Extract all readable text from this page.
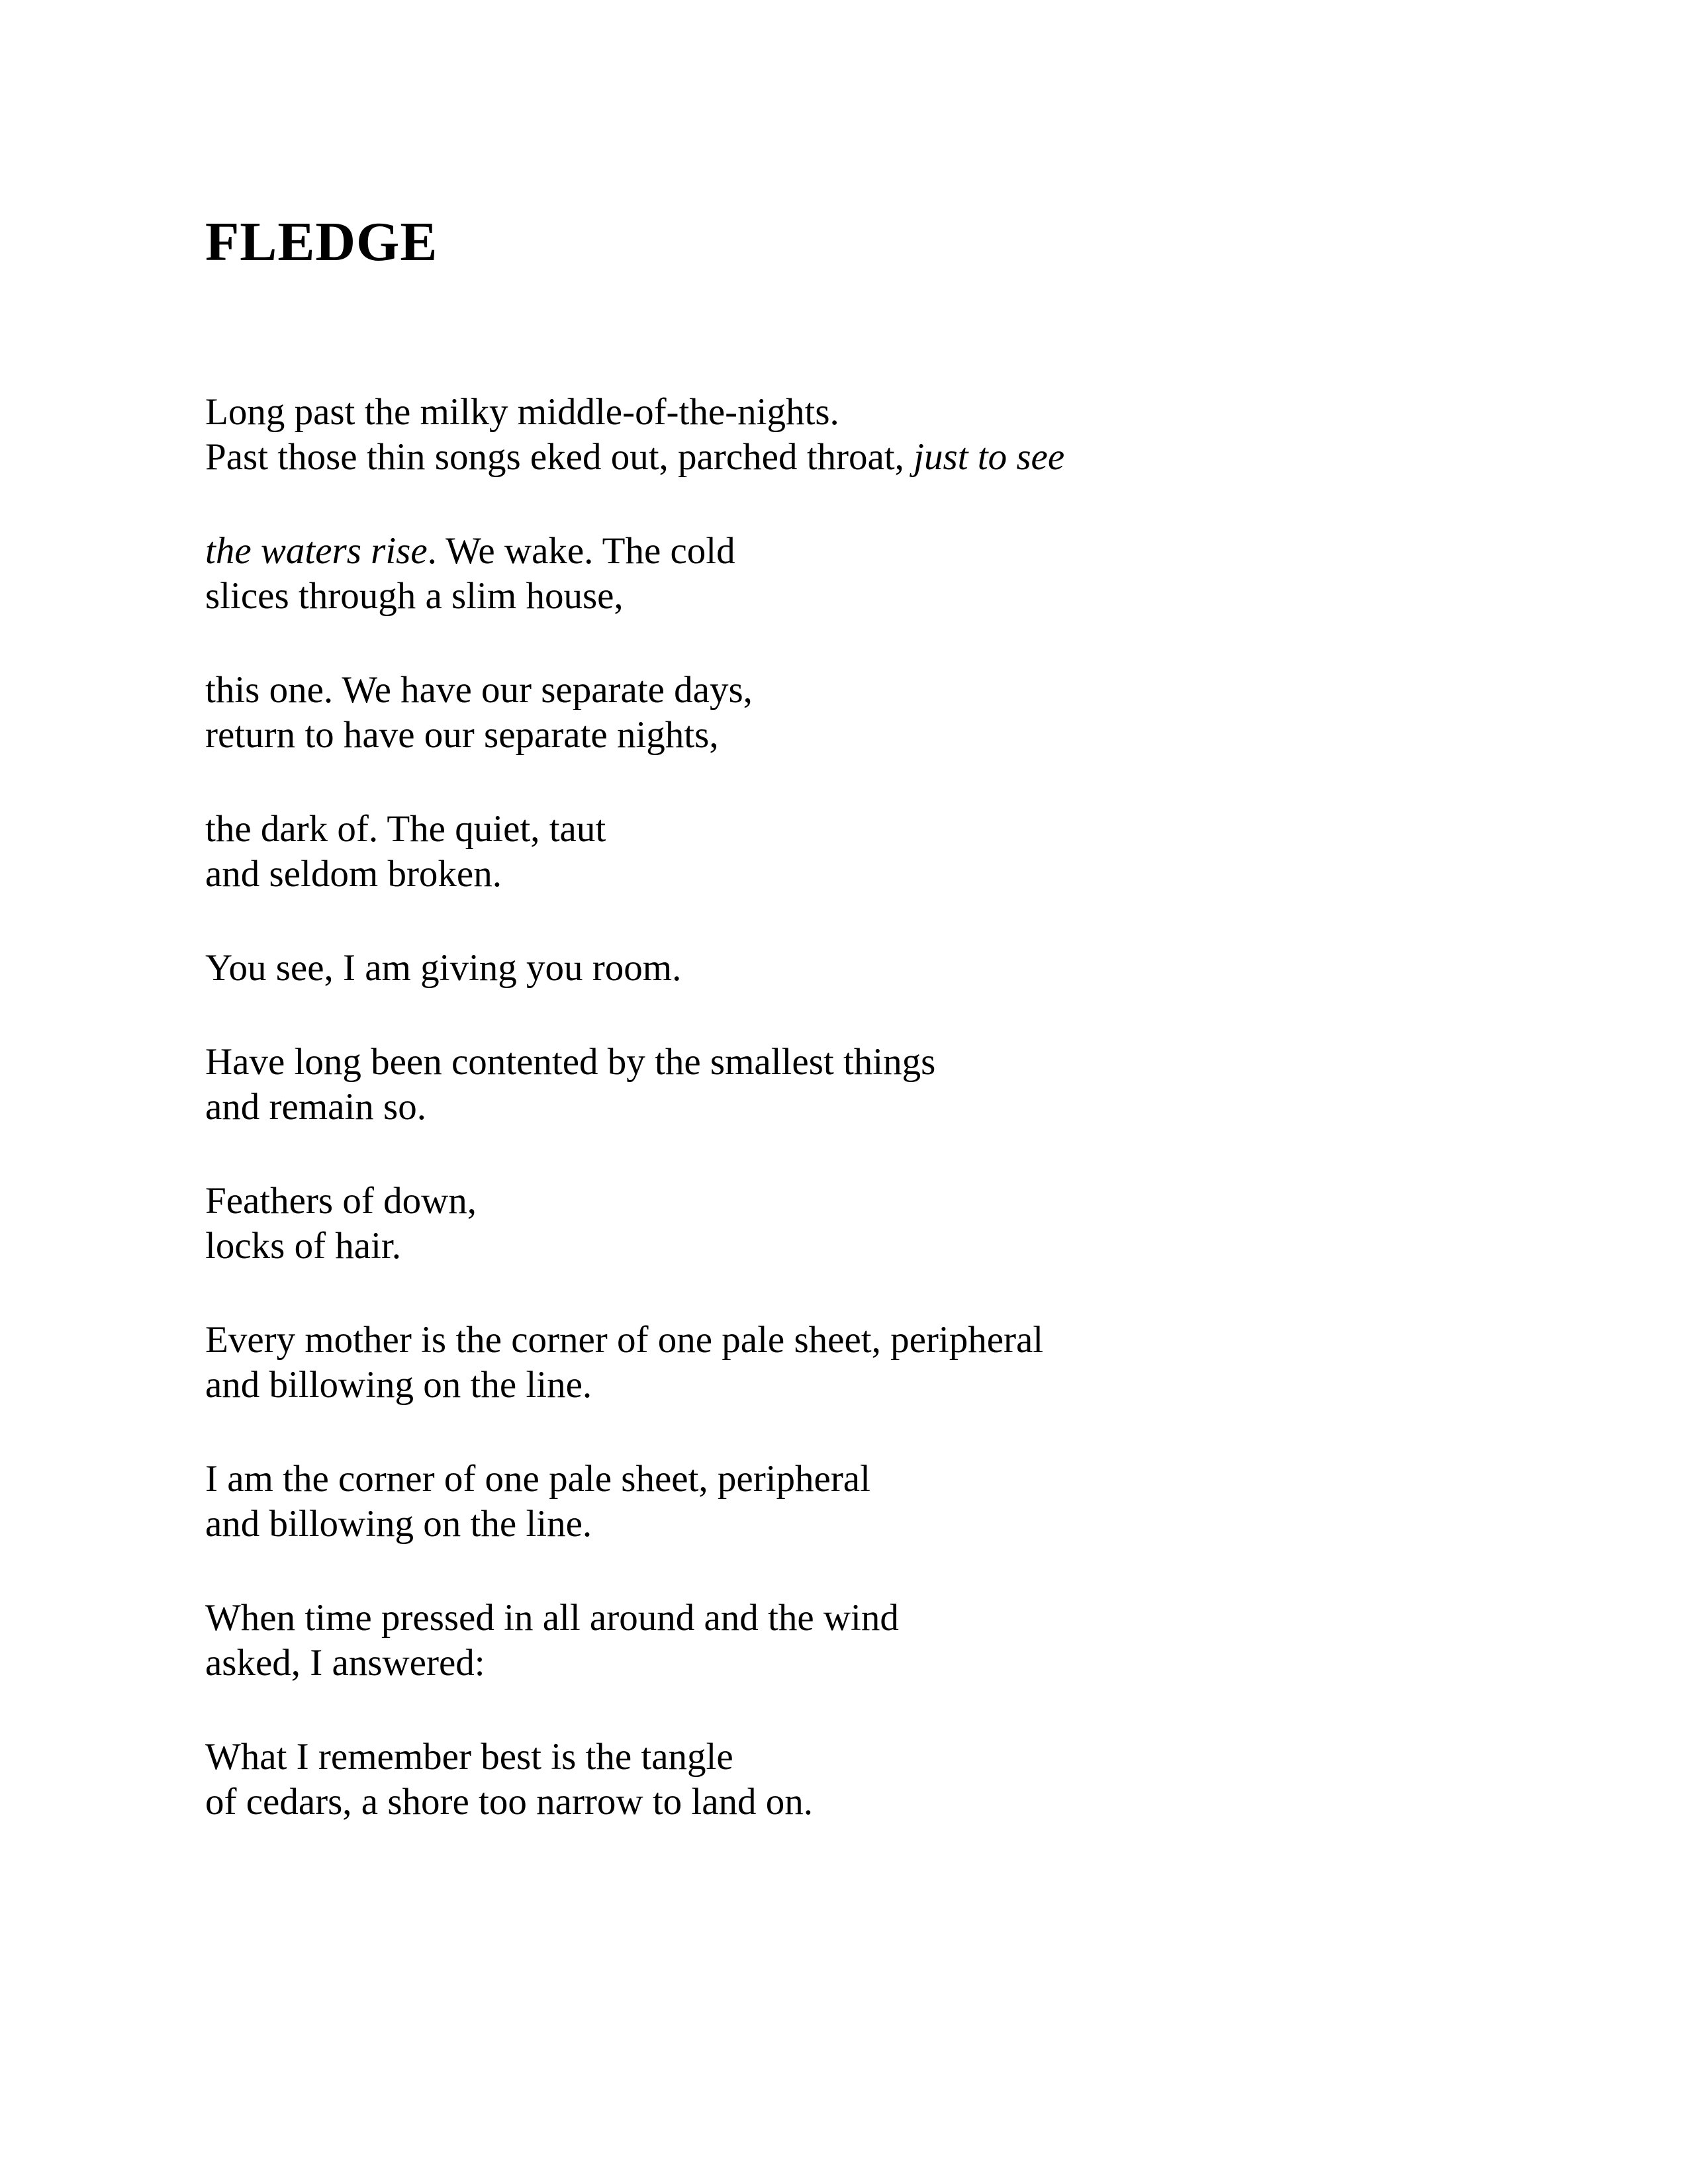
FLEDGE
Long past the milky middle-of-the-nights.
Past those thin songs eked out, parched throat, just to see
the waters rise. We wake. The cold
slices through a slim house,
this one. We have our separate days,
return to have our separate nights,
the dark of. The quiet, taut
and seldom broken.
You see, I am giving you room.
Have long been contented by the smallest things
and remain so.
Feathers of down,
locks of hair.
Every mother is the corner of one pale sheet, peripheral
and billowing on the line.
I am the corner of one pale sheet, peripheral
and billowing on the line.
When time pressed in all around and the wind
asked, I answered:
What I remember best is the tangle
of cedars, a shore too narrow to land on.
